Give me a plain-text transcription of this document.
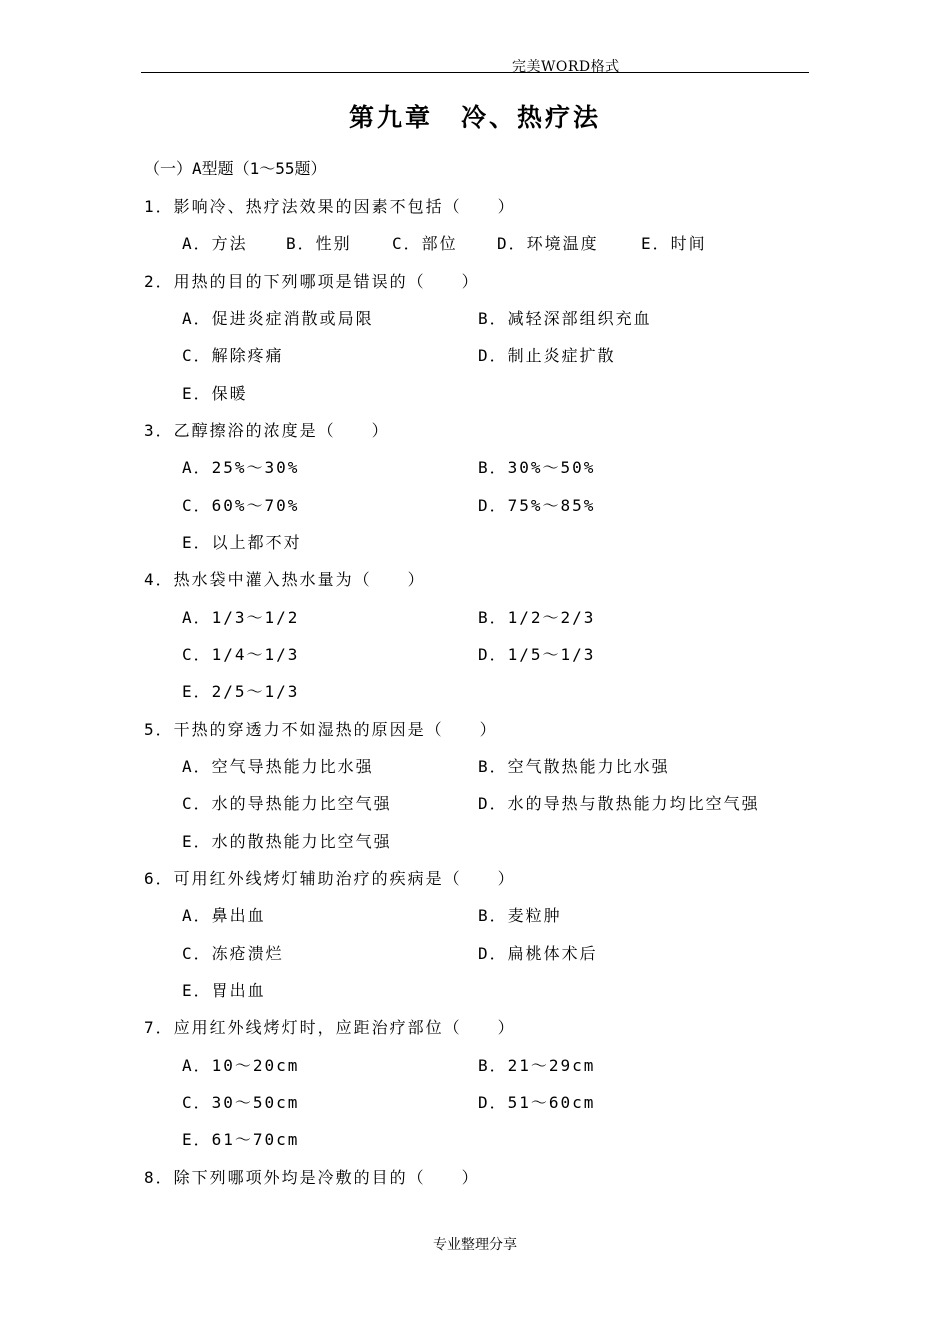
完美WORD格式
第九章　冷、热疗法
（一）A型题（1～55题）
1．影响冷、热疗法效果的因素不包括（　　）
A．方法 B．性别	C．部位 D．环境温度	E．时间
2．用热的目的下列哪项是错误的（　　）
A．促进炎症消散或局限	B．减轻深部组织充血
C．解除疼痛	D．制止炎症扩散
E．保暖
3．乙醇擦浴的浓度是（　　）
A．25%～30%	B．30%～50%
C．60%～70%	D．75%～85%
E．以上都不对
4．热水袋中灌入热水量为（　　）
A．1/3～1/2	B．1/2～2/3
C．1/4～1/3	D．1/5～1/3
E．2/5～1/3
5．干热的穿透力不如湿热的原因是（　　）
A．空气导热能力比水强	B．空气散热能力比水强
C．水的导热能力比空气强	D．水的导热与散热能力均比空气强
E．水的散热能力比空气强
6．可用红外线烤灯辅助治疗的疾病是（　　）
A．鼻出血	B．麦粒肿
C．冻疮溃烂	D．扁桃体术后
E．胃出血
7．应用红外线烤灯时，应距治疗部位（　　）
A．10～20cm	B．21～29cm
C．30～50cm	D．51～60cm
E．61～70cm
8．除下列哪项外均是冷敷的目的（　　）
专业整理分享
